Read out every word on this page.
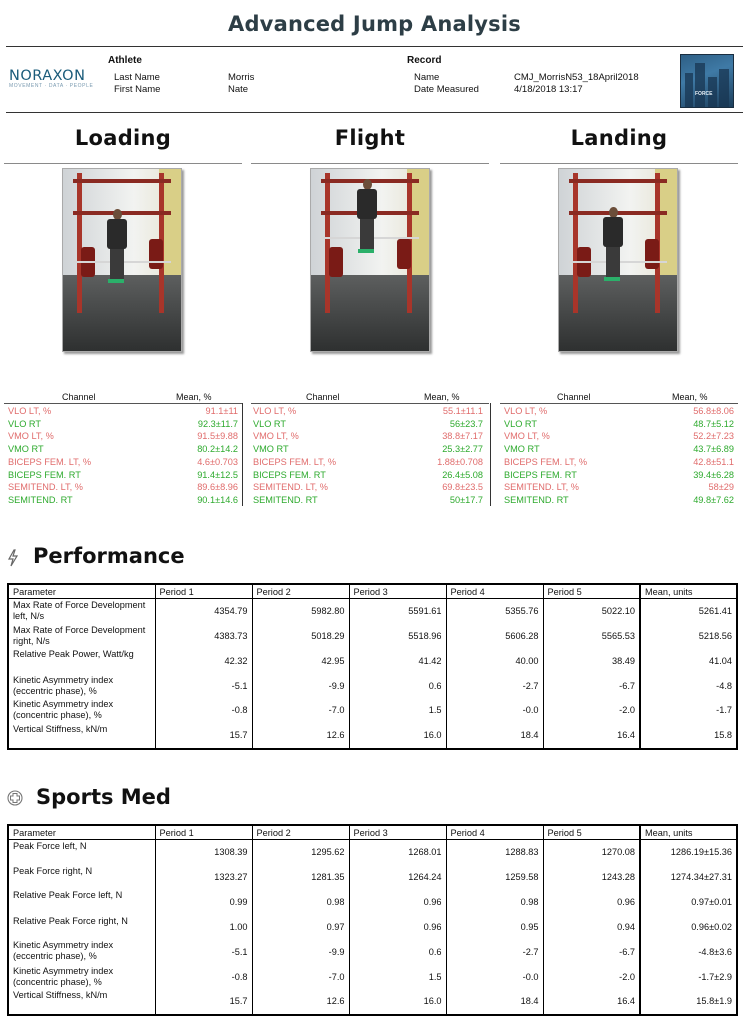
Advanced Jump Analysis
NORAXON
MOVEMENT · DATA · PEOPLE
Athlete
Last Name	Morris
First Name	Nate
Record
Name	CMJ_MorrisN53_18April2018
Date Measured	4/18/2018 13:17	FORCE
Loading
Channel	Mean, %
VLO LT, %	91.1±11
VLO RT	92.3±11.7
VMO LT, %	91.5±9.88
VMO RT	80.2±14.2
BICEPS FEM. LT, %	4.6±0.703
BICEPS FEM. RT	91.4±12.5
SEMITEND. LT, %	89.6±8.96
SEMITEND. RT	90.1±14.6
Flight
Channel	Mean, %
VLO LT, %	55.1±11.1
VLO RT	56±23.7
VMO LT, %	38.8±7.17
VMO RT	25.3±2.77
BICEPS FEM. LT, %	1.88±0.708
BICEPS FEM. RT	26.4±5.08
SEMITEND. LT, %	69.8±23.5
SEMITEND. RT	50±17.7
Landing
Channel	Mean, %
VLO LT, %	56.8±8.06
VLO RT	48.7±5.12
VMO LT, %	52.2±7.23
VMO RT	43.7±6.89
BICEPS FEM. LT, %	42.8±51.1
BICEPS FEM. RT	39.4±6.28
SEMITEND. LT, %	58±29
SEMITEND. RT	49.8±7.62
Performance
Parameter	Period 1	Period 2	Period 3	Period 4	Period 5	Mean, units
Max Rate of Force Development left, N/s	4354.79	5982.80	5591.61	5355.76	5022.10	5261.41
Max Rate of Force Development right, N/s	4383.73	5018.29	5518.96	5606.28	5565.53	5218.56
Relative Peak Power, Watt/kg	42.32	42.95	41.42	40.00	38.49	41.04
Kinetic Asymmetry index (eccentric phase), %	-5.1	-9.9	0.6	-2.7	-6.7	-4.8
Kinetic Asymmetry index (concentric phase), %	-0.8	-7.0	1.5	-0.0	-2.0	-1.7
Vertical Stiffness, kN/m	15.7	12.6	16.0	18.4	16.4	15.8
Sports Med
Parameter	Period 1	Period 2	Period 3	Period 4	Period 5	Mean, units
Peak Force left, N	1308.39	1295.62	1268.01	1288.83	1270.08	1286.19±15.36
Peak Force right, N	1323.27	1281.35	1264.24	1259.58	1243.28	1274.34±27.31
Relative Peak Force left, N	0.99	0.98	0.96	0.98	0.96	0.97±0.01
Relative Peak Force right, N	1.00	0.97	0.96	0.95	0.94	0.96±0.02
Kinetic Asymmetry index (eccentric phase), %	-5.1	-9.9	0.6	-2.7	-6.7	-4.8±3.6
Kinetic Asymmetry index (concentric phase), %	-0.8	-7.0	1.5	-0.0	-2.0	-1.7±2.9
Vertical Stiffness, kN/m	15.7	12.6	16.0	18.4	16.4	15.8±1.9
